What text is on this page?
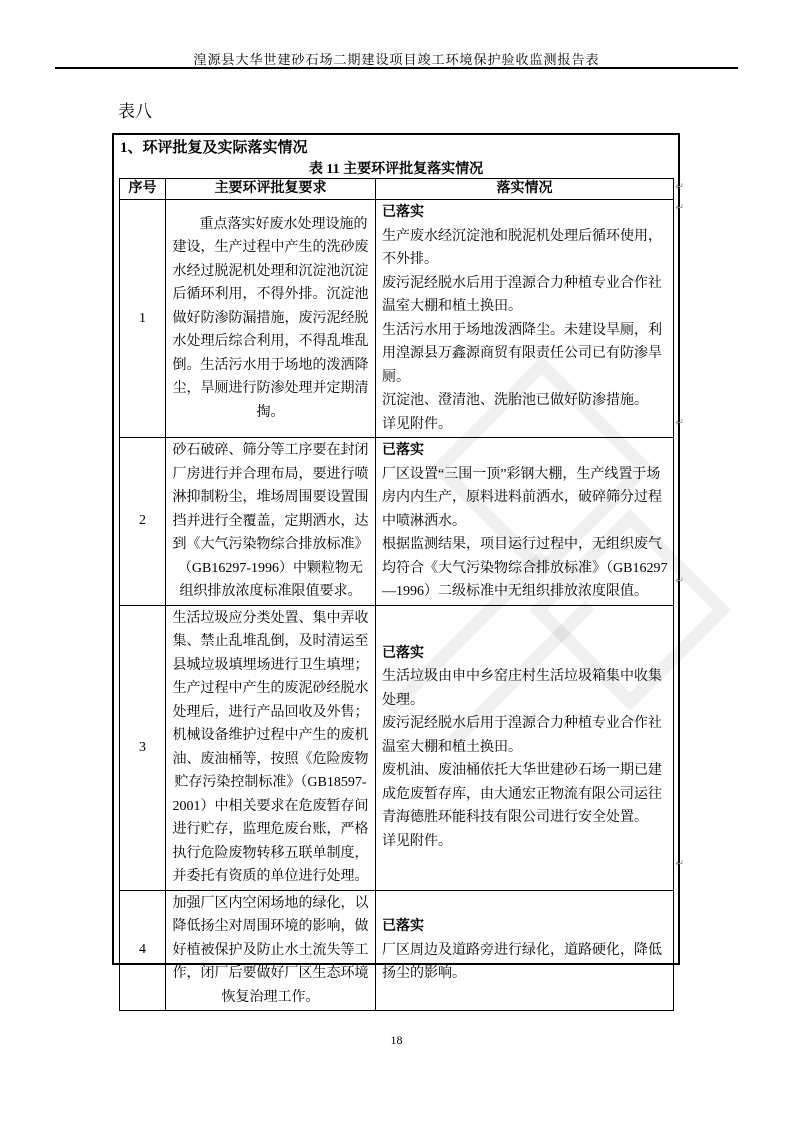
湟源县大华世建砂石场二期建设项目竣工环境保护验收监测报告表
表八
1、环评批复及实际落实情况
表 11 主要环评批复落实情况
序号	主要环评批复要求	落实情况
1	重点落实好废水处理设施的建设，生产过程中产生的洗砂废水经过脱泥机处理和沉淀池沉淀后循环利用，不得外排。沉淀池做好防渗防漏措施，废污泥经脱水处理后综合利用，不得乱堆乱倒。生活污水用于场地的泼洒降尘，旱厕进行防渗处理并定期清掏。	
已落实

生产废水经沉淀池和脱泥机处理后循环使用，不外排。

废污泥经脱水后用于湟源合力种植专业合作社温室大棚和植土换田。

生活污水用于场地泼洒降尘。未建设旱厕，利用湟源县万鑫源商贸有限责任公司已有防渗旱厕。

沉淀池、澄清池、洗胎池已做好防渗措施。

详见附件。

2	砂石破碎、筛分等工序要在封闭厂房进行并合理布局，要进行喷淋抑制粉尘，堆场周围要设置围挡并进行全覆盖，定期洒水，达到《大气污染物综合排放标准》（GB16297-1996）中颗粒物无组织排放浓度标准限值要求。	已落实

厂区设置“三围一顶”彩钢大棚，生产线置于场房内内生产，原料进料前洒水，破碎筛分过程中喷淋洒水。

根据监测结果，项目运行过程中，无组织废气均符合《大气污染物综合排放标准》（GB16297—1996）二级标准中无组织排放浓度限值。

3	生活垃圾应分类处置、集中弄收集、禁止乱堆乱倒，及时清运至县城垃圾填埋场进行卫生填埋；生产过程中产生的废泥砂经脱水处理后，进行产品回收及外售；机械设备维护过程中产生的废机油、废油桶等，按照《危险废物贮存污染控制标准》（GB18597-2001）中相关要求在危废暂存间进行贮存，监理危废台账，严格执行危险废物转移五联单制度，并委托有资质的单位进行处理。	已落实

生活垃圾由申中乡窑庄村生活垃圾箱集中收集处理。

废污泥经脱水后用于湟源合力种植专业合作社温室大棚和植土换田。

废机油、废油桶依托大华世建砂石场一期已建成危废暂存库，由大通宏正物流有限公司运往青海德胜环能科技有限公司进行安全处置。

详见附件。

4	加强厂区内空闲场地的绿化，以降低扬尘对周围环境的影响，做好植被保护及防止水土流失等工作，闭厂后要做好厂区生态环境恢复治理工作。	已落实

厂区周边及道路旁进行绿化，道路硬化，降低扬尘的影响。

↵
↵
↵
↵
↵
18
